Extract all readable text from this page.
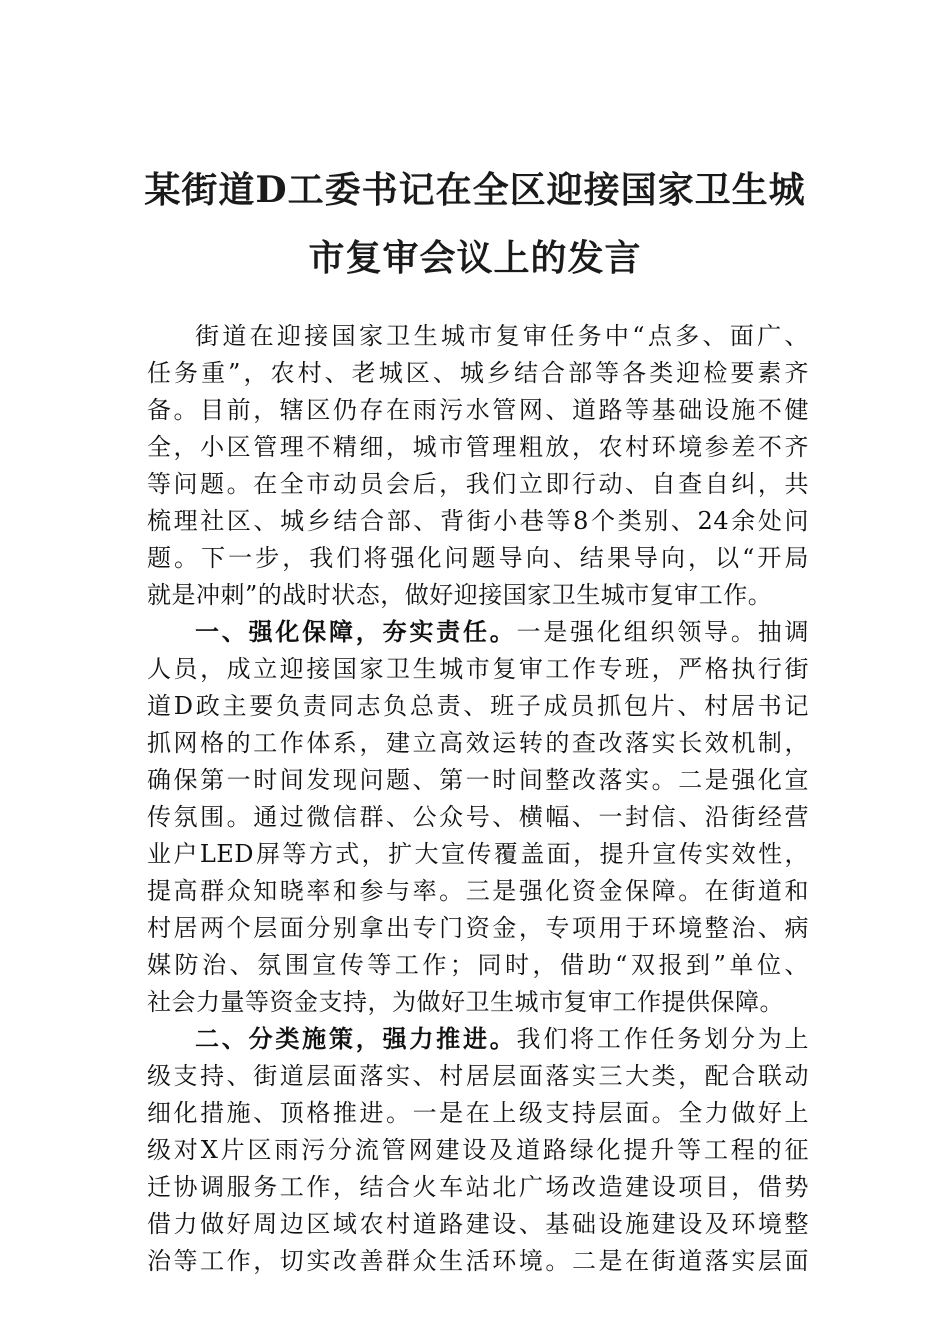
某街道D工委书记在全区迎接国家卫生城
市复审会议上的发言
街道在迎接国家卫生城市复审任务中“点多、面广、
任务重”，农村、老城区、城乡结合部等各类迎检要素齐
备。目前，辖区仍存在雨污水管网、道路等基础设施不健
全，小区管理不精细，城市管理粗放，农村环境参差不齐
等问题。在全市动员会后，我们立即行动、自查自纠，共
梳理社区、城乡结合部、背街小巷等8个类别、24余处问
题。下一步，我们将强化问题导向、结果导向，以“开局
就是冲刺”的战时状态，做好迎接国家卫生城市复审工作。
一、强化保障，夯实责任。一是强化组织领导。抽调
人员，成立迎接国家卫生城市复审工作专班，严格执行街
道D政主要负责同志负总责、班子成员抓包片、村居书记
抓网格的工作体系，建立高效运转的查改落实长效机制，
确保第一时间发现问题、第一时间整改落实。二是强化宣
传氛围。通过微信群、公众号、横幅、一封信、沿街经营
业户LED屏等方式，扩大宣传覆盖面，提升宣传实效性，
提高群众知晓率和参与率。三是强化资金保障。在街道和
村居两个层面分别拿出专门资金，专项用于环境整治、病
媒防治、氛围宣传等工作；同时，借助“双报到”单位、
社会力量等资金支持，为做好卫生城市复审工作提供保障。
二、分类施策，强力推进。我们将工作任务划分为上
级支持、街道层面落实、村居层面落实三大类，配合联动
细化措施、顶格推进。一是在上级支持层面。全力做好上
级对X片区雨污分流管网建设及道路绿化提升等工程的征
迁协调服务工作，结合火车站北广场改造建设项目，借势
借力做好周边区域农村道路建设、基础设施建设及环境整
治等工作，切实改善群众生活环境。二是在街道落实层面
